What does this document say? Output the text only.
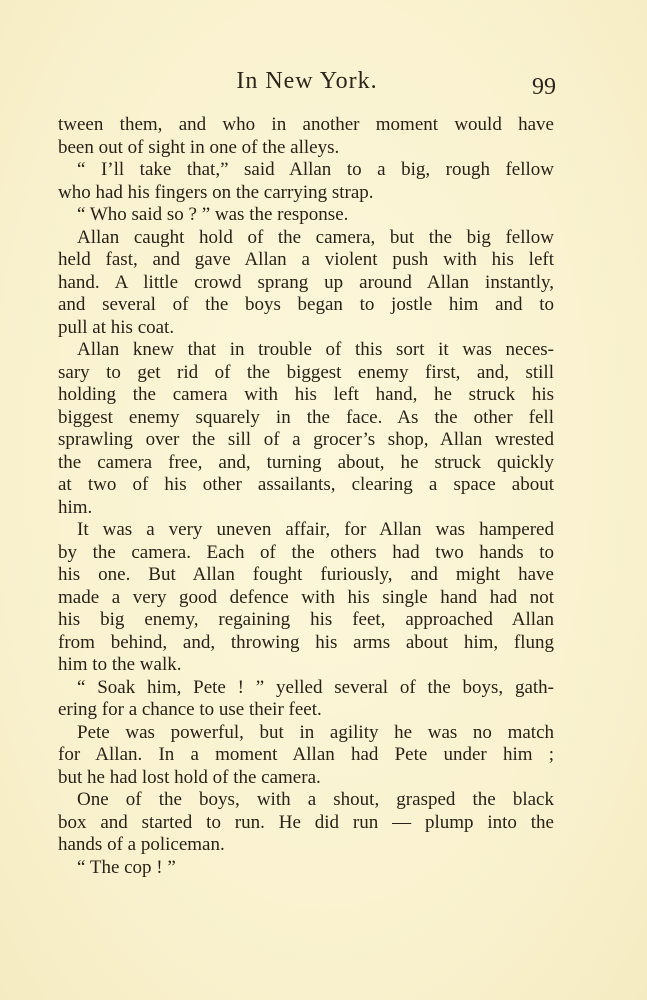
In New York.	99
tween them, and who in another moment would have
been out of sight in one of the alleys.
“ I’ll take that,” said Allan to a big, rough fellow
who had his fingers on the carrying strap.
“ Who said so ? ” was the response.
Allan caught hold of the camera, but the big fellow
held fast, and gave Allan a violent push with his left
hand. A little crowd sprang up around Allan instantly,
and several of the boys began to jostle him and to
pull at his coat.
Allan knew that in trouble of this sort it was neces-
sary to get rid of the biggest enemy first, and, still
holding the camera with his left hand, he struck his
biggest enemy squarely in the face. As the other fell
sprawling over the sill of a grocer’s shop, Allan wrested
the camera free, and, turning about, he struck quickly
at two of his other assailants, clearing a space about
him.
It was a very uneven affair, for Allan was hampered
by the camera. Each of the others had two hands to
his one. But Allan fought furiously, and might have
made a very good defence with his single hand had not
his big enemy, regaining his feet, approached Allan
from behind, and, throwing his arms about him, flung
him to the walk.
“ Soak him, Pete ! ” yelled several of the boys, gath-
ering for a chance to use their feet.
Pete was powerful, but in agility he was no match
for Allan. In a moment Allan had Pete under him ;
but he had lost hold of the camera.
One of the boys, with a shout, grasped the black
box and started to run. He did run — plump into the
hands of a policeman.
“ The cop ! ”
